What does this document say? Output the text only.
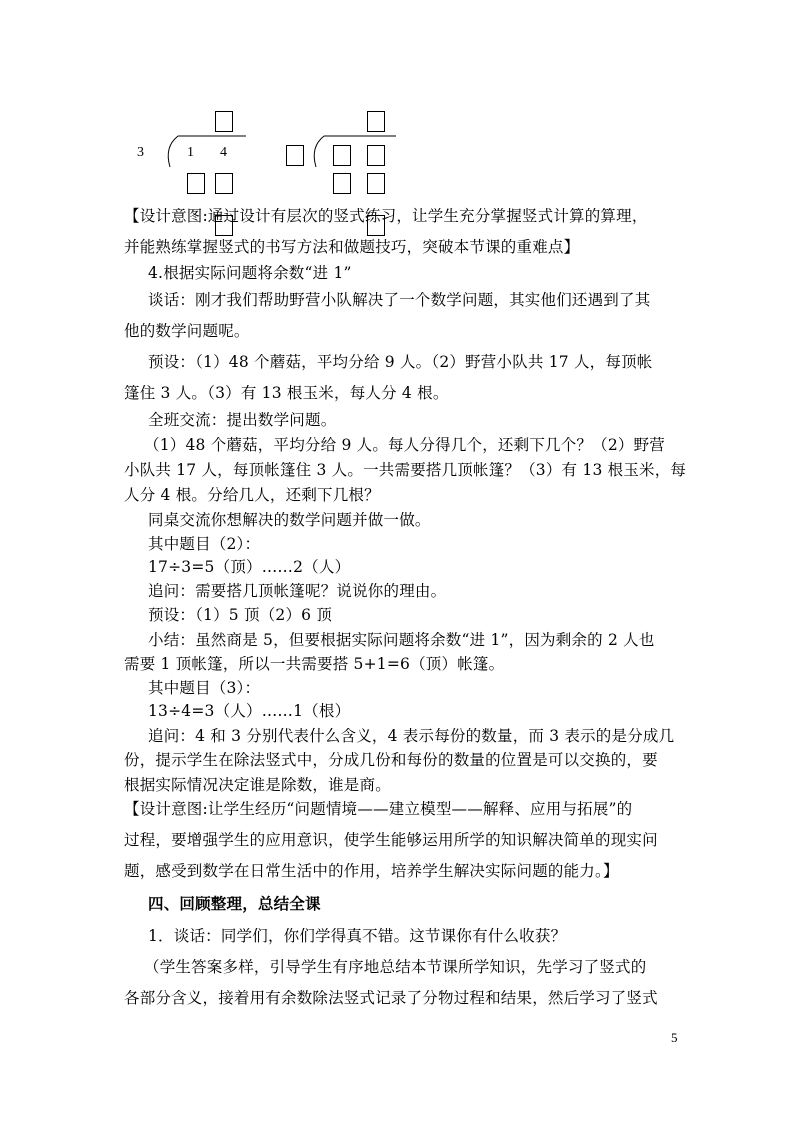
3	1 4
【设计意图:通过设计有层次的竖式练习，让学生充分掌握竖式计算的算理，
并能熟练掌握竖式的书写方法和做题技巧，突破本节课的重难点】
4.根据实际问题将余数“进 1”
谈话：刚才我们帮助野营小队解决了一个数学问题，其实他们还遇到了其
他的数学问题呢。
预设：（1）48 个蘑菇，平均分给 9 人。（2）野营小队共 17 人，每顶帐
篷住 3 人。（3）有 13 根玉米，每人分 4 根。
全班交流：提出数学问题。
（1）48 个蘑菇，平均分给 9 人。每人分得几个，还剩下几个？（2）野营
小队共 17 人，每顶帐篷住 3 人。一共需要搭几顶帐篷？（3）有 13 根玉米，每
人分 4 根。分给几人，还剩下几根？
同桌交流你想解决的数学问题并做一做。
其中题目（2）：
17÷3=5（顶）……2（人）
追问：需要搭几顶帐篷呢？说说你的理由。
预设：（1）5 顶（2）6 顶
小结：虽然商是 5，但要根据实际问题将余数“进 1”，因为剩余的 2 人也
需要 1 顶帐篷，所以一共需要搭 5+1=6（顶）帐篷。
其中题目（3）：
13÷4=3（人）……1（根）
追问：4 和 3 分别代表什么含义，4 表示每份的数量，而 3 表示的是分成几
份，提示学生在除法竖式中，分成几份和每份的数量的位置是可以交换的，要
根据实际情况决定谁是除数，谁是商。
【设计意图:让学生经历“问题情境——建立模型——解释、应用与拓展”的
过程，要增强学生的应用意识，使学生能够运用所学的知识解决简单的现实问
题，感受到数学在日常生活中的作用，培养学生解决实际问题的能力。】
四、回顾整理，总结全课
1．谈话：同学们，你们学得真不错。这节课你有什么收获？
（学生答案多样，引导学生有序地总结本节课所学知识，先学习了竖式的
各部分含义，接着用有余数除法竖式记录了分物过程和结果，然后学习了竖式
5
